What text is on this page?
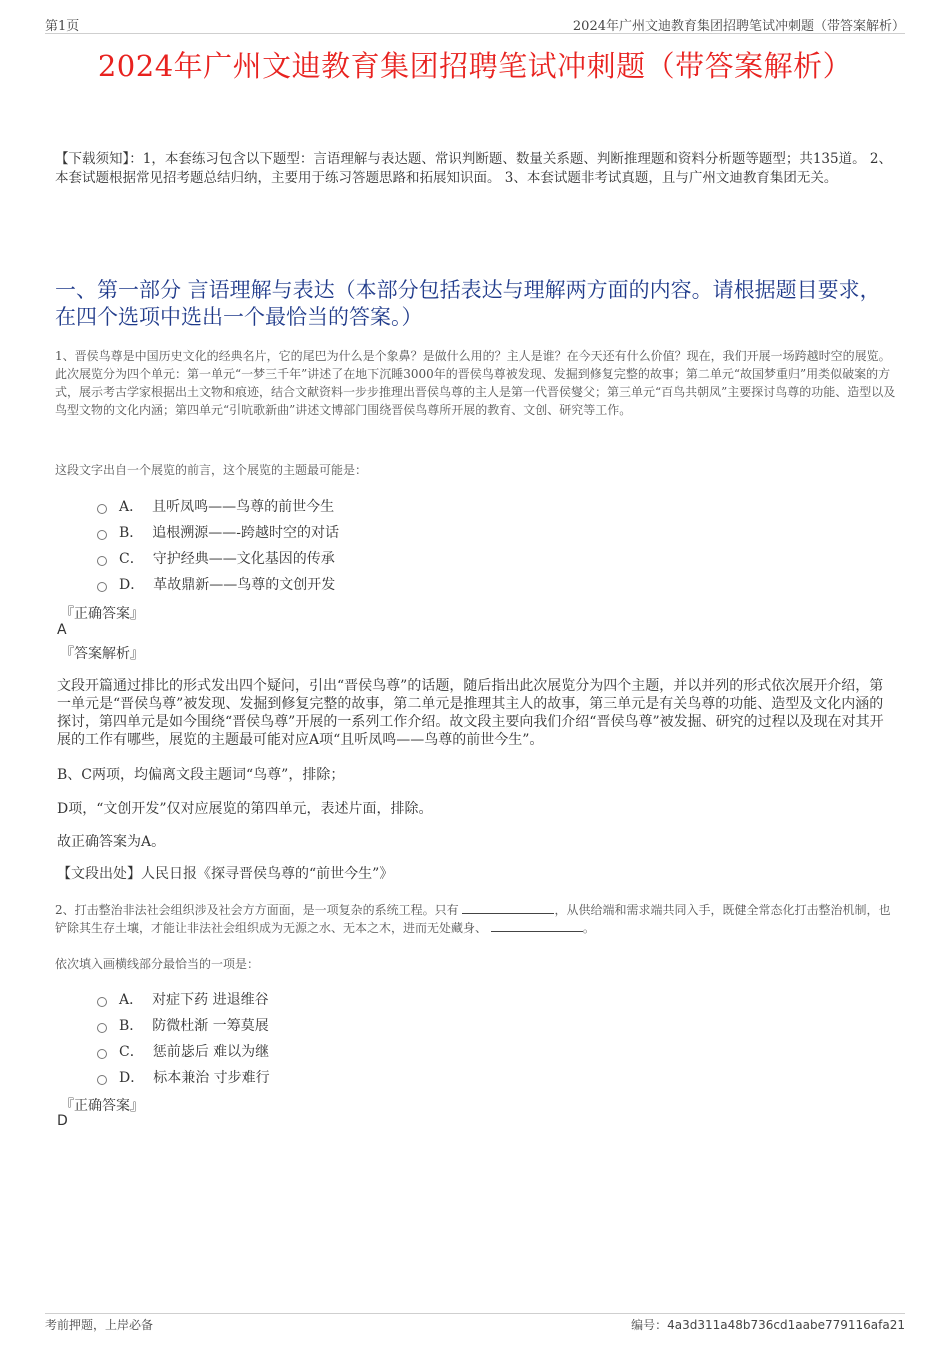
第1页	2024年广州文迪教育集团招聘笔试冲刺题（带答案解析）
2024年广州文迪教育集团招聘笔试冲刺题（带答案解析）
【下载须知】：1，本套练习包含以下题型：言语理解与表达题、常识判断题、数量关系题、判断推理题和资料分析题等题型；共135道。 2、本套试题根据常见招考题总结归纳，主要用于练习答题思路和拓展知识面。 3、本套试题非考试真题，且与广州文迪教育集团无关。
一、第一部分 言语理解与表达（本部分包括表达与理解两方面的内容。请根据题目要求，在四个选项中选出一个最恰当的答案。）
1、晋侯鸟尊是中国历史文化的经典名片，它的尾巴为什么是个象鼻？是做什么用的？主人是谁？在今天还有什么价值？现在，我们开展一场跨越时空的展览。此次展览分为四个单元：第一单元“一梦三千年”讲述了在地下沉睡3000年的晋侯鸟尊被发现、发掘到修复完整的故事；第二单元“故国梦重归”用类似破案的方式，展示考古学家根据出土文物和痕迹，结合文献资料一步步推理出晋侯鸟尊的主人是第一代晋侯燮父；第三单元“百鸟共朝凤”主要探讨鸟尊的功能、造型以及鸟型文物的文化内涵；第四单元“引吭歌新曲”讲述文博部门围绕晋侯鸟尊所开展的教育、文创、研究等工作。
这段文字出自一个展览的前言，这个展览的主题最可能是：
A． 且听凤鸣——鸟尊的前世今生
B． 追根溯源——-跨越时空的对话
C． 守护经典——文化基因的传承
D． 革故鼎新——鸟尊的文创开发
『正确答案』
A
『答案解析』
文段开篇通过排比的形式发出四个疑问，引出“晋侯鸟尊”的话题，随后指出此次展览分为四个主题，并以并列的形式依次展开介绍，第一单元是“晋侯鸟尊”被发现、发掘到修复完整的故事，第二单元是推理其主人的故事，第三单元是有关鸟尊的功能、造型及文化内涵的探讨，第四单元是如今围绕“晋侯鸟尊”开展的一系列工作介绍。故文段主要向我们介绍“晋侯鸟尊”被发掘、研究的过程以及现在对其开展的工作有哪些，展览的主题最可能对应A项“且听凤鸣——鸟尊的前世今生”。
B、C两项，均偏离文段主题词“鸟尊”，排除；
D项，“文创开发”仅对应展览的第四单元，表述片面，排除。
故正确答案为A。
【文段出处】人民日报《探寻晋侯鸟尊的“前世今生”》
2、打击整治非法社会组织涉及社会方方面面，是一项复杂的系统工程。只有	，从供给端和需求端共同入手，既健全常态化打击整治机制，也铲除其生存土壤，才能让非法社会组织成为无源之水、无本之木，进而无处藏身、	。
依次填入画横线部分最恰当的一项是：
A． 对症下药 进退维谷
B． 防微杜渐 一筹莫展
C． 惩前毖后 难以为继
D． 标本兼治 寸步难行
『正确答案』
D
考前押题，上岸必备	编号：4a3d311a48b736cd1aabe779116afa21
